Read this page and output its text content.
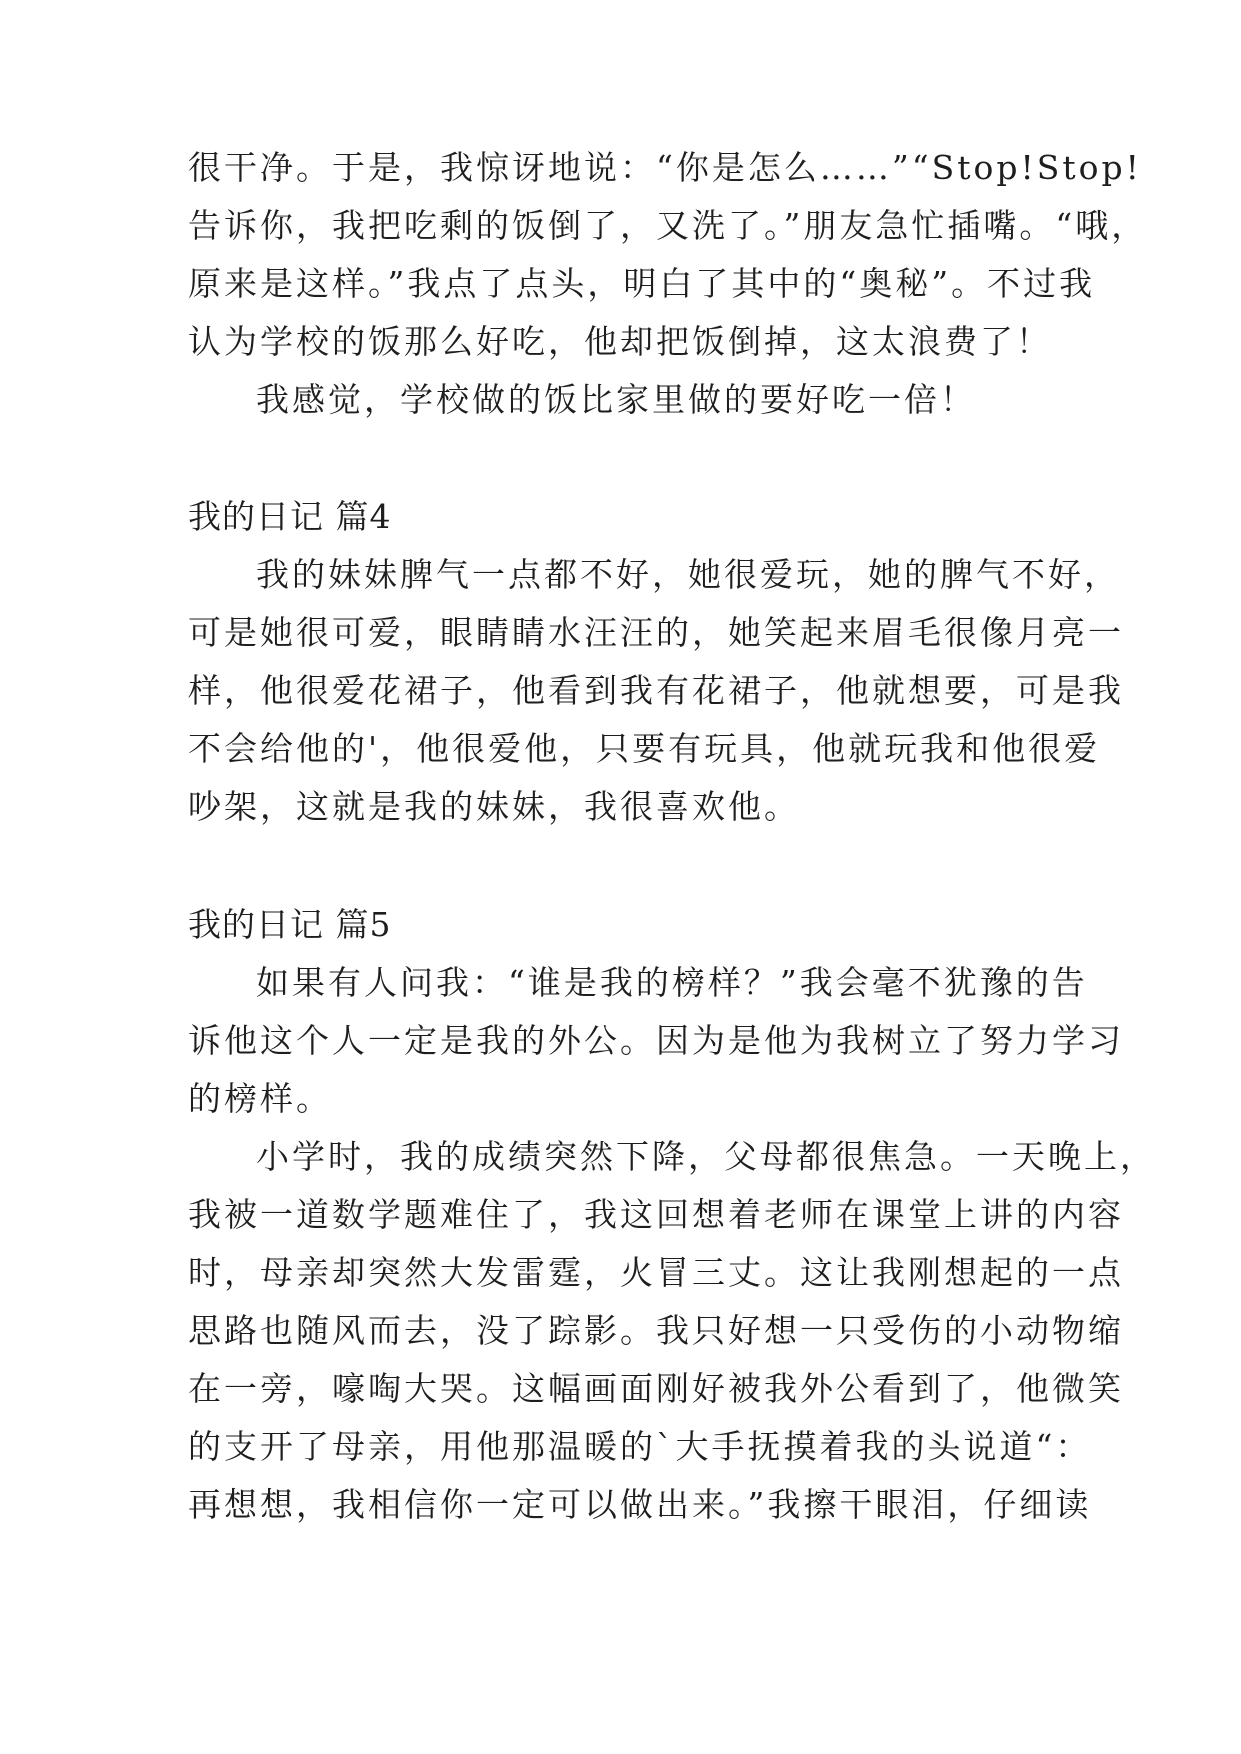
很干净。于是，我惊讶地说：“你是怎么……”“Stop!Stop!
告诉你，我把吃剩的饭倒了，又洗了。”朋友急忙插嘴。“哦，
原来是这样。”我点了点头，明白了其中的“奥秘”。不过我
认为学校的饭那么好吃，他却把饭倒掉，这太浪费了！
我感觉，学校做的饭比家里做的要好吃一倍！
我的日记 篇4
我的妹妹脾气一点都不好，她很爱玩，她的脾气不好，
可是她很可爱，眼睛睛水汪汪的，她笑起来眉毛很像月亮一
样，他很爱花裙子，他看到我有花裙子，他就想要，可是我
不会给他的'，他很爱他，只要有玩具，他就玩我和他很爱
吵架，这就是我的妹妹，我很喜欢他。
我的日记 篇5
如果有人问我：“谁是我的榜样？”我会毫不犹豫的告
诉他这个人一定是我的外公。因为是他为我树立了努力学习
的榜样。
小学时，我的成绩突然下降，父母都很焦急。一天晚上，
我被一道数学题难住了，我这回想着老师在课堂上讲的内容
时，母亲却突然大发雷霆，火冒三丈。这让我刚想起的一点
思路也随风而去，没了踪影。我只好想一只受伤的小动物缩
在一旁，嚎啕大哭。这幅画面刚好被我外公看到了，他微笑
的支开了母亲，用他那温暖的`大手抚摸着我的头说道“：
再想想，我相信你一定可以做出来。”我擦干眼泪，仔细读
